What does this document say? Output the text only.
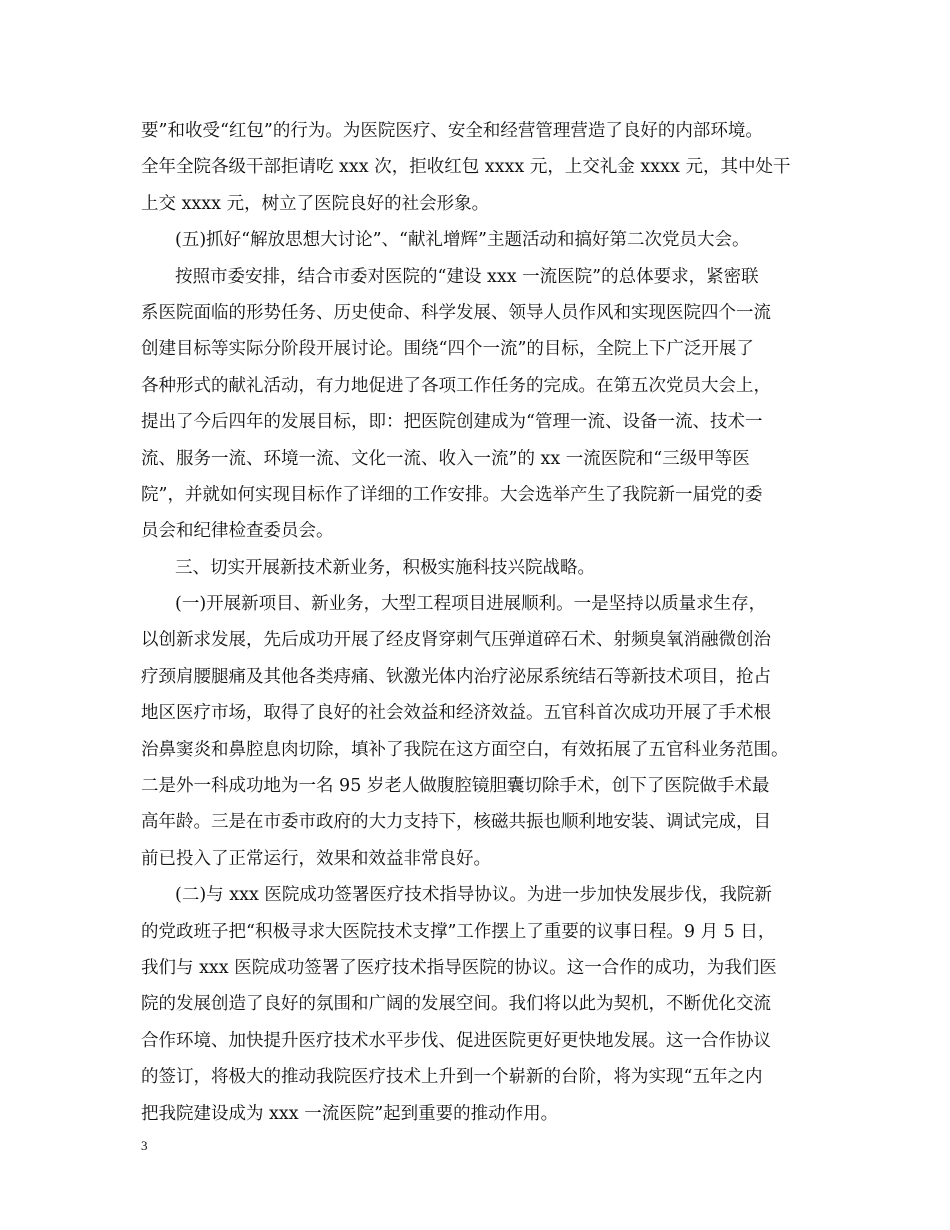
要”和收受“红包”的行为。为医院医疗、安全和经营管理营造了良好的内部环境。
全年全院各级干部拒请吃 xxx 次，拒收红包 xxxx 元，上交礼金 xxxx 元，其中处干
上交 xxxx 元，树立了医院良好的社会形象。
(五)抓好“解放思想大讨论”、“献礼增辉”主题活动和搞好第二次党员大会。
按照市委安排，结合市委对医院的“建设 xxx 一流医院”的总体要求，紧密联
系医院面临的形势任务、历史使命、科学发展、领导人员作风和实现医院四个一流
创建目标等实际分阶段开展讨论。围绕“四个一流”的目标，全院上下广泛开展了
各种形式的献礼活动，有力地促进了各项工作任务的完成。在第五次党员大会上，
提出了今后四年的发展目标，即：把医院创建成为“管理一流、设备一流、技术一
流、服务一流、环境一流、文化一流、收入一流”的 xx 一流医院和“三级甲等医
院”，并就如何实现目标作了详细的工作安排。大会选举产生了我院新一届党的委
员会和纪律检查委员会。
三、切实开展新技术新业务，积极实施科技兴院战略。
(一)开展新项目、新业务，大型工程项目进展顺利。一是坚持以质量求生存，
以创新求发展，先后成功开展了经皮肾穿刺气压弹道碎石术、射频臭氧消融微创治
疗颈肩腰腿痛及其他各类痔痛、钬激光体内治疗泌尿系统结石等新技术项目，抢占
地区医疗市场，取得了良好的社会效益和经济效益。五官科首次成功开展了手术根
治鼻窦炎和鼻腔息肉切除，填补了我院在这方面空白，有效拓展了五官科业务范围。
二是外一科成功地为一名 95 岁老人做腹腔镜胆囊切除手术，创下了医院做手术最
高年龄。三是在市委市政府的大力支持下，核磁共振也顺利地安装、调试完成，目
前已投入了正常运行，效果和效益非常良好。
(二)与 xxx 医院成功签署医疗技术指导协议。为进一步加快发展步伐，我院新
的党政班子把“积极寻求大医院技术支撑”工作摆上了重要的议事日程。9 月 5 日，
我们与 xxx 医院成功签署了医疗技术指导医院的协议。这一合作的成功，为我们医
院的发展创造了良好的氛围和广阔的发展空间。我们将以此为契机，不断优化交流
合作环境、加快提升医疗技术水平步伐、促进医院更好更快地发展。这一合作协议
的签订，将极大的推动我院医疗技术上升到一个崭新的台阶，将为实现“五年之内
把我院建设成为 xxx 一流医院”起到重要的推动作用。
3
